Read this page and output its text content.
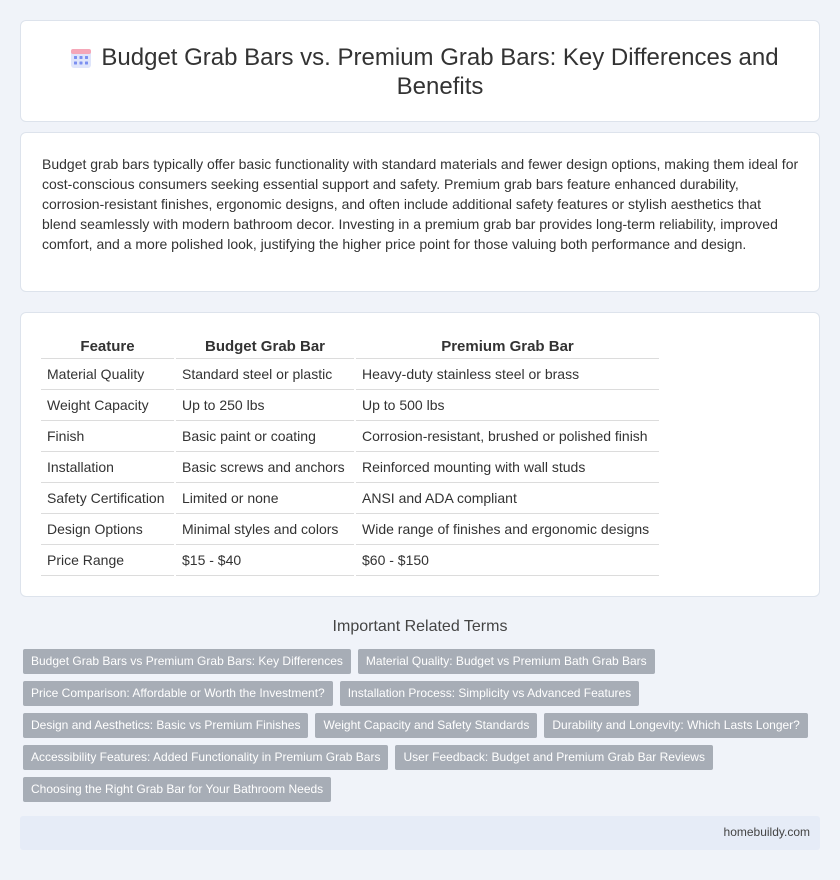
Budget Grab Bars vs. Premium Grab Bars: Key Differences and Benefits

Budget grab bars typically offer basic functionality with standard materials and fewer design options, making them ideal for cost-conscious consumers seeking essential support and safety. Premium grab bars feature enhanced durability, corrosion-resistant finishes, ergonomic designs, and often include additional safety features or stylish aesthetics that blend seamlessly with modern bathroom decor. Investing in a premium grab bar provides long-term reliability, improved comfort, and a more polished look, justifying the higher price point for those valuing both performance and design.

Feature	Budget Grab Bar	Premium Grab Bar
Material Quality	Standard steel or plastic	Heavy-duty stainless steel or brass
Weight Capacity	Up to 250 lbs	Up to 500 lbs
Finish	Basic paint or coating	Corrosion-resistant, brushed or polished finish
Installation	Basic screws and anchors	Reinforced mounting with wall studs
Safety Certification	Limited or none	ANSI and ADA compliant
Design Options	Minimal styles and colors	Wide range of finishes and ergonomic designs
Price Range	$15 - $40	$60 - $150
Important Related Terms
Budget Grab Bars vs Premium Grab Bars: Key Differences	Material Quality: Budget vs Premium Bath Grab Bars
Price Comparison: Affordable or Worth the Investment?	Installation Process: Simplicity vs Advanced Features
Design and Aesthetics: Basic vs Premium Finishes	Weight Capacity and Safety Standards	Durability and Longevity: Which Lasts Longer?
Accessibility Features: Added Functionality in Premium Grab Bars	User Feedback: Budget and Premium Grab Bar Reviews
Choosing the Right Grab Bar for Your Bathroom Needs
homebuildy.com
